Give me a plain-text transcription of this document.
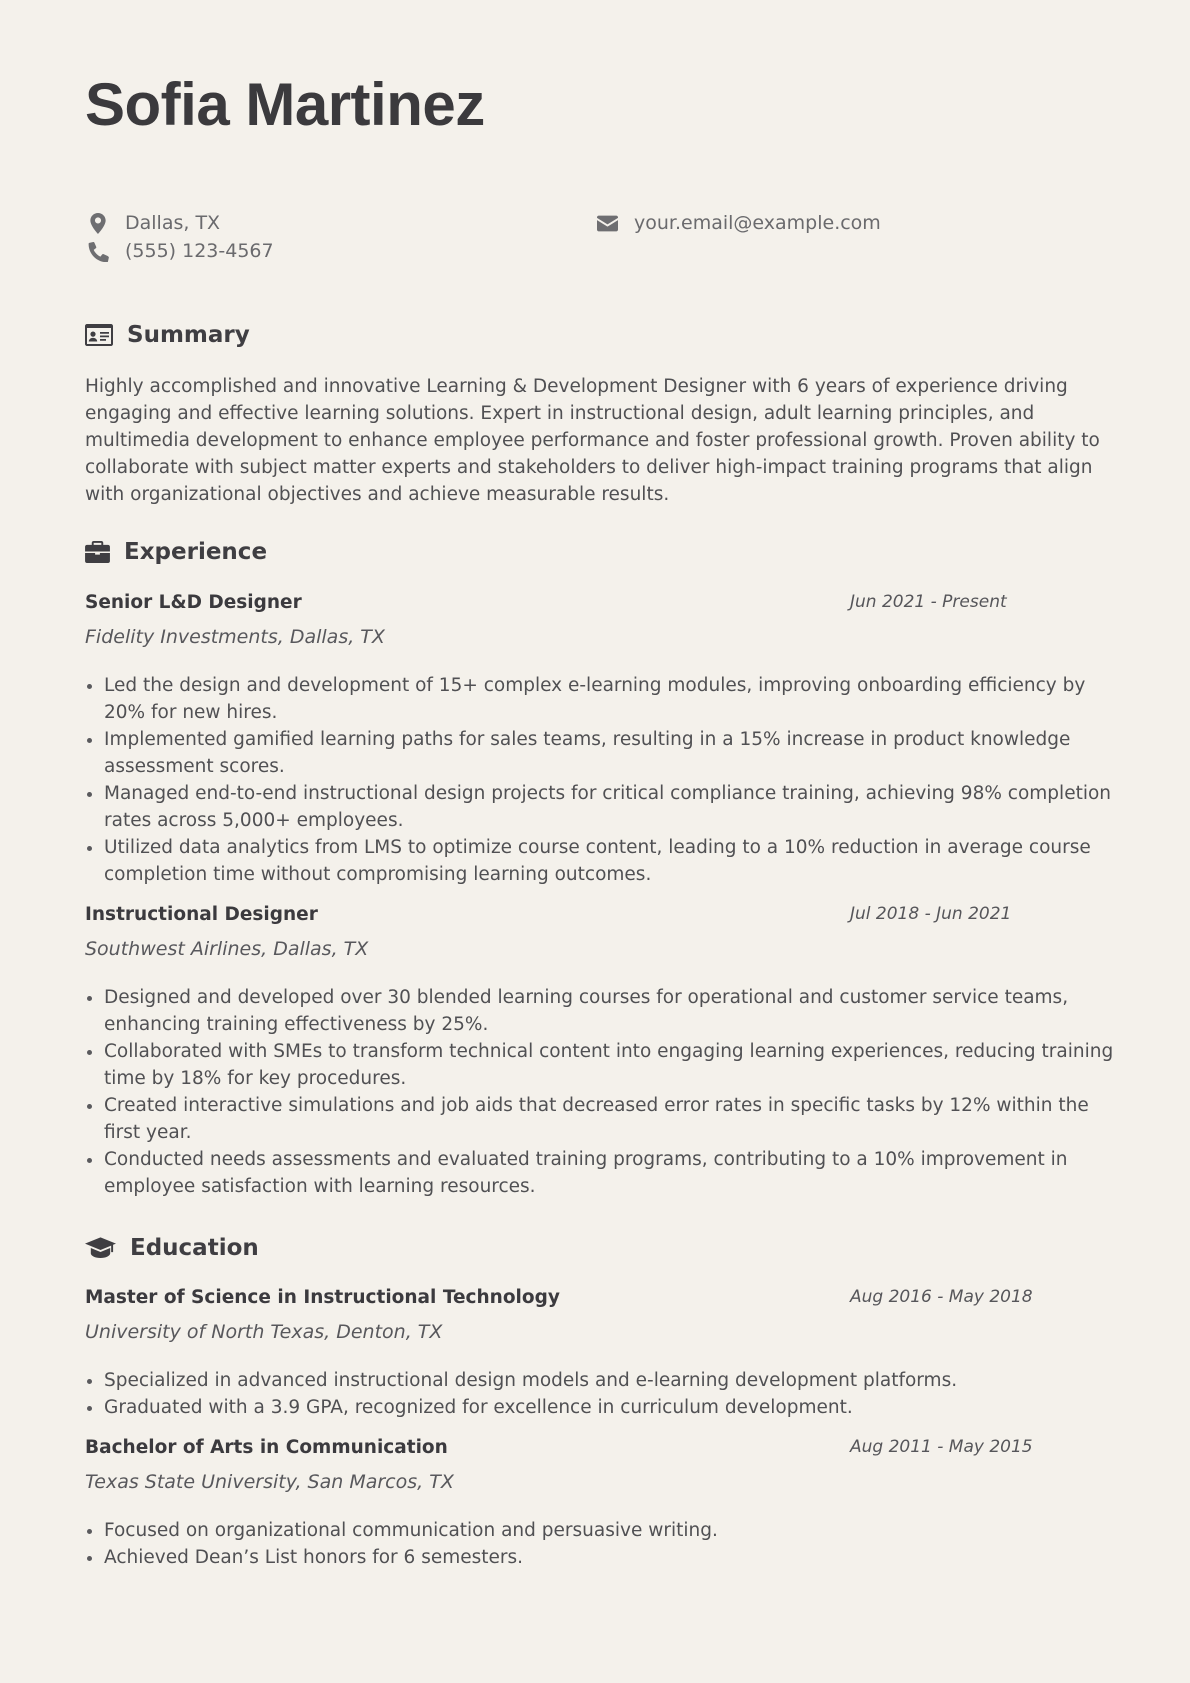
Sofia Martinez
Dallas, TX
(555) 123-4567
your.email@example.com
Summary

Highly accomplished and innovative Learning & Development Designer with 6 years of experience driving engaging and effective learning solutions. Expert in instructional design, adult learning principles, and multimedia development to enhance employee performance and foster professional growth. Proven ability to collaborate with subject matter experts and stakeholders to deliver high-impact training programs that align with organizational objectives and achieve measurable results.

Experience
Senior L&D Designer	Jun 2021 - Present
Fidelity Investments, Dallas, TX
Led the design and development of 15+ complex e-learning modules, improving onboarding efficiency by 20% for new hires.
Implemented gamified learning paths for sales teams, resulting in a 15% increase in product knowledge assessment scores.
Managed end-to-end instructional design projects for critical compliance training, achieving 98% completion rates across 5,000+ employees.
Utilized data analytics from LMS to optimize course content, leading to a 10% reduction in average course completion time without compromising learning outcomes.
Instructional Designer	Jul 2018 - Jun 2021
Southwest Airlines, Dallas, TX
Designed and developed over 30 blended learning courses for operational and customer service teams, enhancing training effectiveness by 25%.
Collaborated with SMEs to transform technical content into engaging learning experiences, reducing training time by 18% for key procedures.
Created interactive simulations and job aids that decreased error rates in specific tasks by 12% within the first year.
Conducted needs assessments and evaluated training programs, contributing to a 10% improvement in employee satisfaction with learning resources.
Education
Master of Science in Instructional Technology	Aug 2016 - May 2018
University of North Texas, Denton, TX
Specialized in advanced instructional design models and e-learning development platforms.
Graduated with a 3.9 GPA, recognized for excellence in curriculum development.
Bachelor of Arts in Communication	Aug 2011 - May 2015
Texas State University, San Marcos, TX
Focused on organizational communication and persuasive writing.
Achieved Dean’s List honors for 6 semesters.
